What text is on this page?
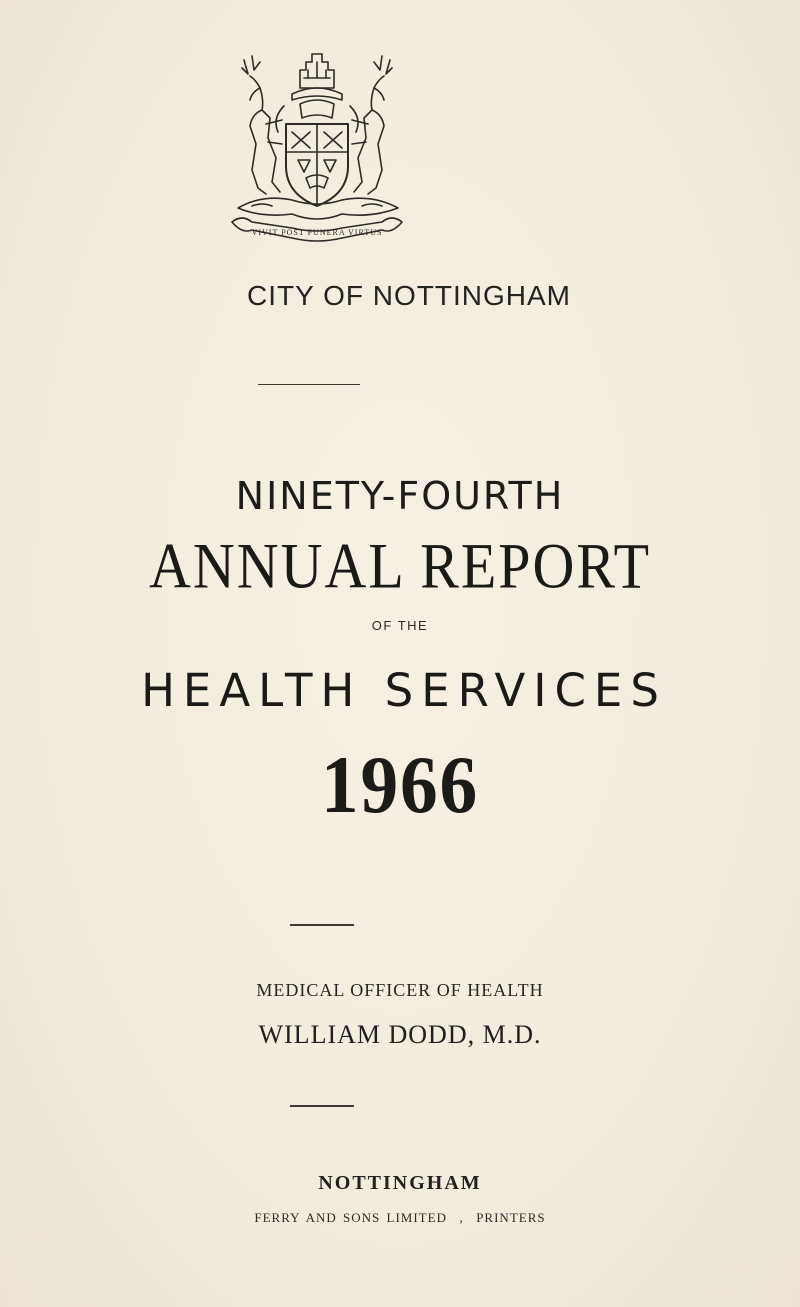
VIVIT POST FUNERA VIRTUS
CITY OF NOTTINGHAM
NINETY-FOURTH
ANNUAL REPORT
OF THE
HEALTH SERVICES
1966
MEDICAL OFFICER OF HEALTH
WILLIAM DODD, M.D.
NOTTINGHAM
FERRY AND SONS LIMITED  ,  PRINTERS
